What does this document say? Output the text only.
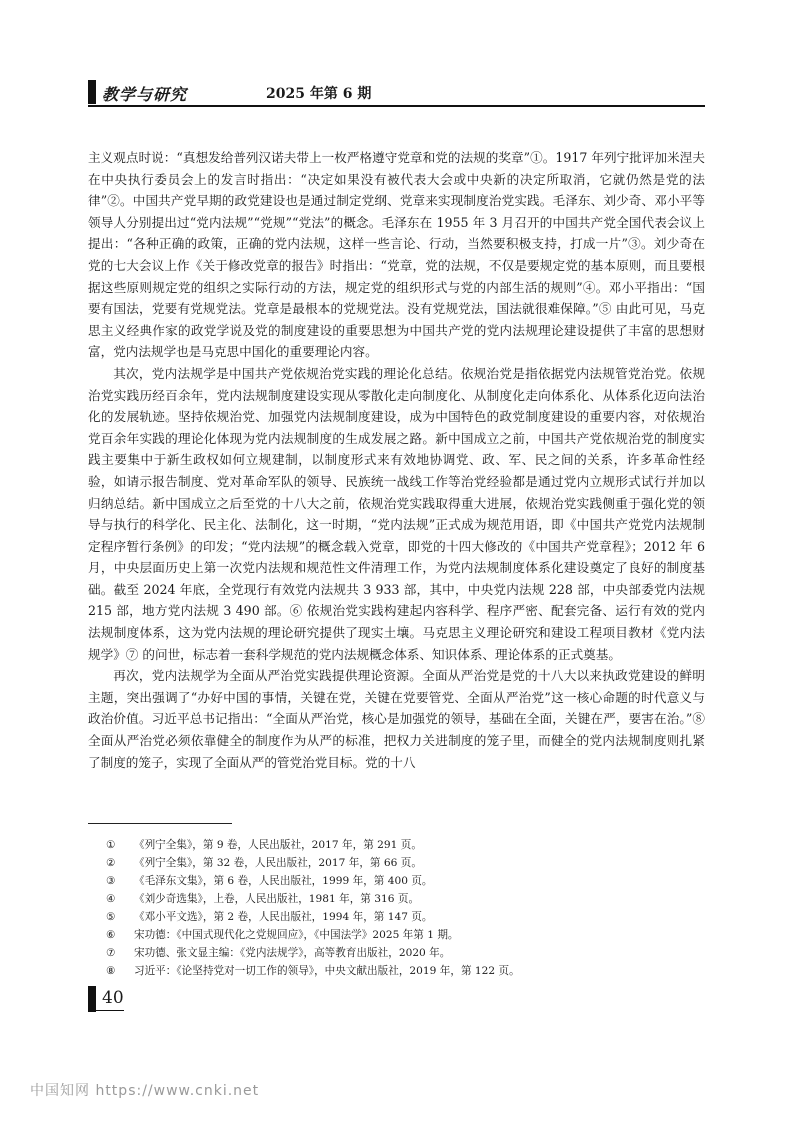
教学与研究	2025 年第 6 期

主义观点时说：“真想发给普列汉诺夫带上一枚严格遵守党章和党的法规的奖章”①。1917 年列宁批评加米涅夫在中央执行委员会上的发言时指出：“决定如果没有被代表大会或中央新的决定所取消，它就仍然是党的法律”②。中国共产党早期的政党建设也是通过制定党纲、党章来实现制度治党实践。毛泽东、刘少奇、邓小平等领导人分别提出过“党内法规”“党规”“党法”的概念。毛泽东在 1955 年 3 月召开的中国共产党全国代表会议上提出：“各种正确的政策，正确的党内法规，这样一些言论、行动，当然要积极支持，打成一片”③。刘少奇在党的七大会议上作《关于修改党章的报告》时指出：“党章，党的法规，不仅是要规定党的基本原则，而且要根据这些原则规定党的组织之实际行动的方法，规定党的组织形式与党的内部生活的规则”④。邓小平指出：“国要有国法，党要有党规党法。党章是最根本的党规党法。没有党规党法，国法就很难保障。”⑤ 由此可见，马克思主义经典作家的政党学说及党的制度建设的重要思想为中国共产党的党内法规理论建设提供了丰富的思想财富，党内法规学也是马克思中国化的重要理论内容。

其次，党内法规学是中国共产党依规治党实践的理论化总结。依规治党是指依据党内法规管党治党。依规治党实践历经百余年，党内法规制度建设实现从零散化走向制度化、从制度化走向体系化、从体系化迈向法治化的发展轨迹。坚持依规治党、加强党内法规制度建设，成为中国特色的政党制度建设的重要内容，对依规治党百余年实践的理论化体现为党内法规制度的生成发展之路。新中国成立之前，中国共产党依规治党的制度实践主要集中于新生政权如何立规建制，以制度形式来有效地协调党、政、军、民之间的关系，许多革命性经验，如请示报告制度、党对革命军队的领导、民族统一战线工作等治党经验都是通过党内立规形式试行并加以归纳总结。新中国成立之后至党的十八大之前，依规治党实践取得重大进展，依规治党实践侧重于强化党的领导与执行的科学化、民主化、法制化，这一时期，“党内法规”正式成为规范用语，即《中国共产党党内法规制定程序暂行条例》的印发；“党内法规”的概念载入党章，即党的十四大修改的《中国共产党章程》；2012 年 6 月，中央层面历史上第一次党内法规和规范性文件清理工作，为党内法规制度体系化建设奠定了良好的制度基础。截至 2024 年底，全党现行有效党内法规共 3 933 部，其中，中央党内法规 228 部，中央部委党内法规 215 部，地方党内法规 3 490 部。⑥ 依规治党实践构建起内容科学、程序严密、配套完备、运行有效的党内法规制度体系，这为党内法规的理论研究提供了现实土壤。马克思主义理论研究和建设工程项目教材《党内法规学》⑦ 的问世，标志着一套科学规范的党内法规概念体系、知识体系、理论体系的正式奠基。

再次，党内法规学为全面从严治党实践提供理论资源。全面从严治党是党的十八大以来执政党建设的鲜明主题，突出强调了“办好中国的事情，关键在党，关键在党要管党、全面从严治党”这一核心命题的时代意义与政治价值。习近平总书记指出：“全面从严治党，核心是加强党的领导，基础在全面，关键在严，要害在治。”⑧全面从严治党必须依靠健全的制度作为从严的标准，把权力关进制度的笼子里，而健全的党内法规制度则扎紧了制度的笼子，实现了全面从严的管党治党目标。党的十八

①	《列宁全集》，第 9 卷，人民出版社，2017 年，第 291 页。
②	《列宁全集》，第 32 卷，人民出版社，2017 年，第 66 页。
③	《毛泽东文集》，第 6 卷，人民出版社，1999 年，第 400 页。
④	《刘少奇选集》，上卷，人民出版社，1981 年，第 316 页。
⑤	《邓小平文选》，第 2 卷，人民出版社，1994 年，第 147 页。
⑥	宋功德：《中国式现代化之党规回应》，《中国法学》2025 年第 1 期。
⑦	宋功德、张文显主编：《党内法规学》，高等教育出版社，2020 年。
⑧	习近平：《论坚持党对一切工作的领导》，中央文献出版社，2019 年，第 122 页。
40
中国知网 https://www.cnki.net
